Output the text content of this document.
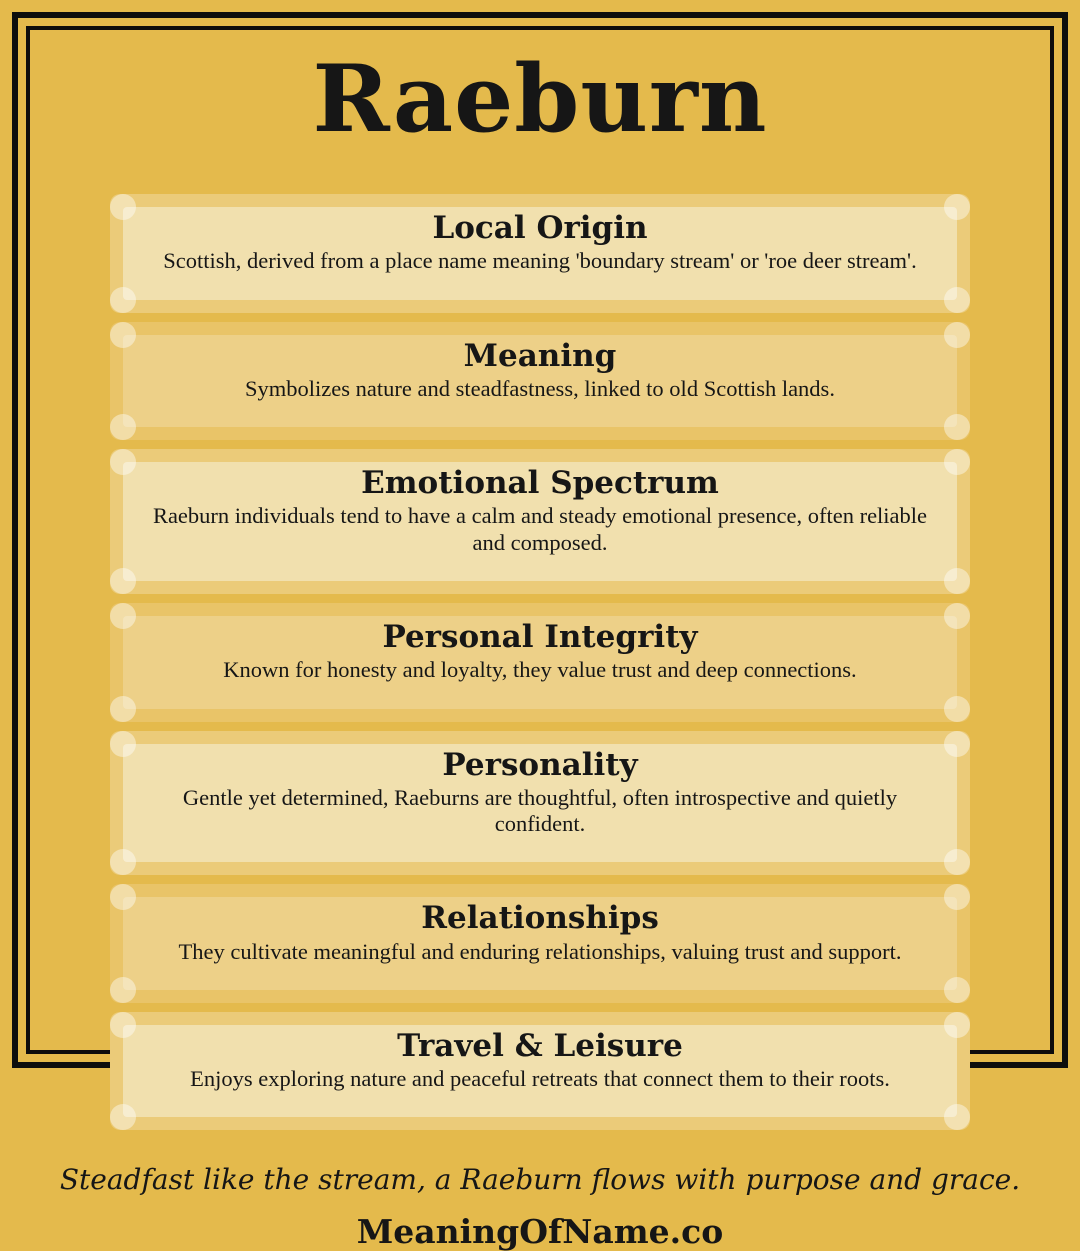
Raeburn
Local Origin

Scottish, derived from a place name meaning 'boundary stream' or 'roe deer stream'.

Meaning

Symbolizes nature and steadfastness, linked to old Scottish lands.

Emotional Spectrum

Raeburn individuals tend to have a calm and steady emotional presence, often reliable and composed.

Personal Integrity

Known for honesty and loyalty, they value trust and deep connections.

Personality

Gentle yet determined, Raeburns are thoughtful, often introspective and quietly confident.

Relationships

They cultivate meaningful and enduring relationships, valuing trust and support.

Travel & Leisure

Enjoys exploring nature and peaceful retreats that connect them to their roots.

Steadfast like the stream, a Raeburn flows with purpose and grace.

MeaningOfName.co
